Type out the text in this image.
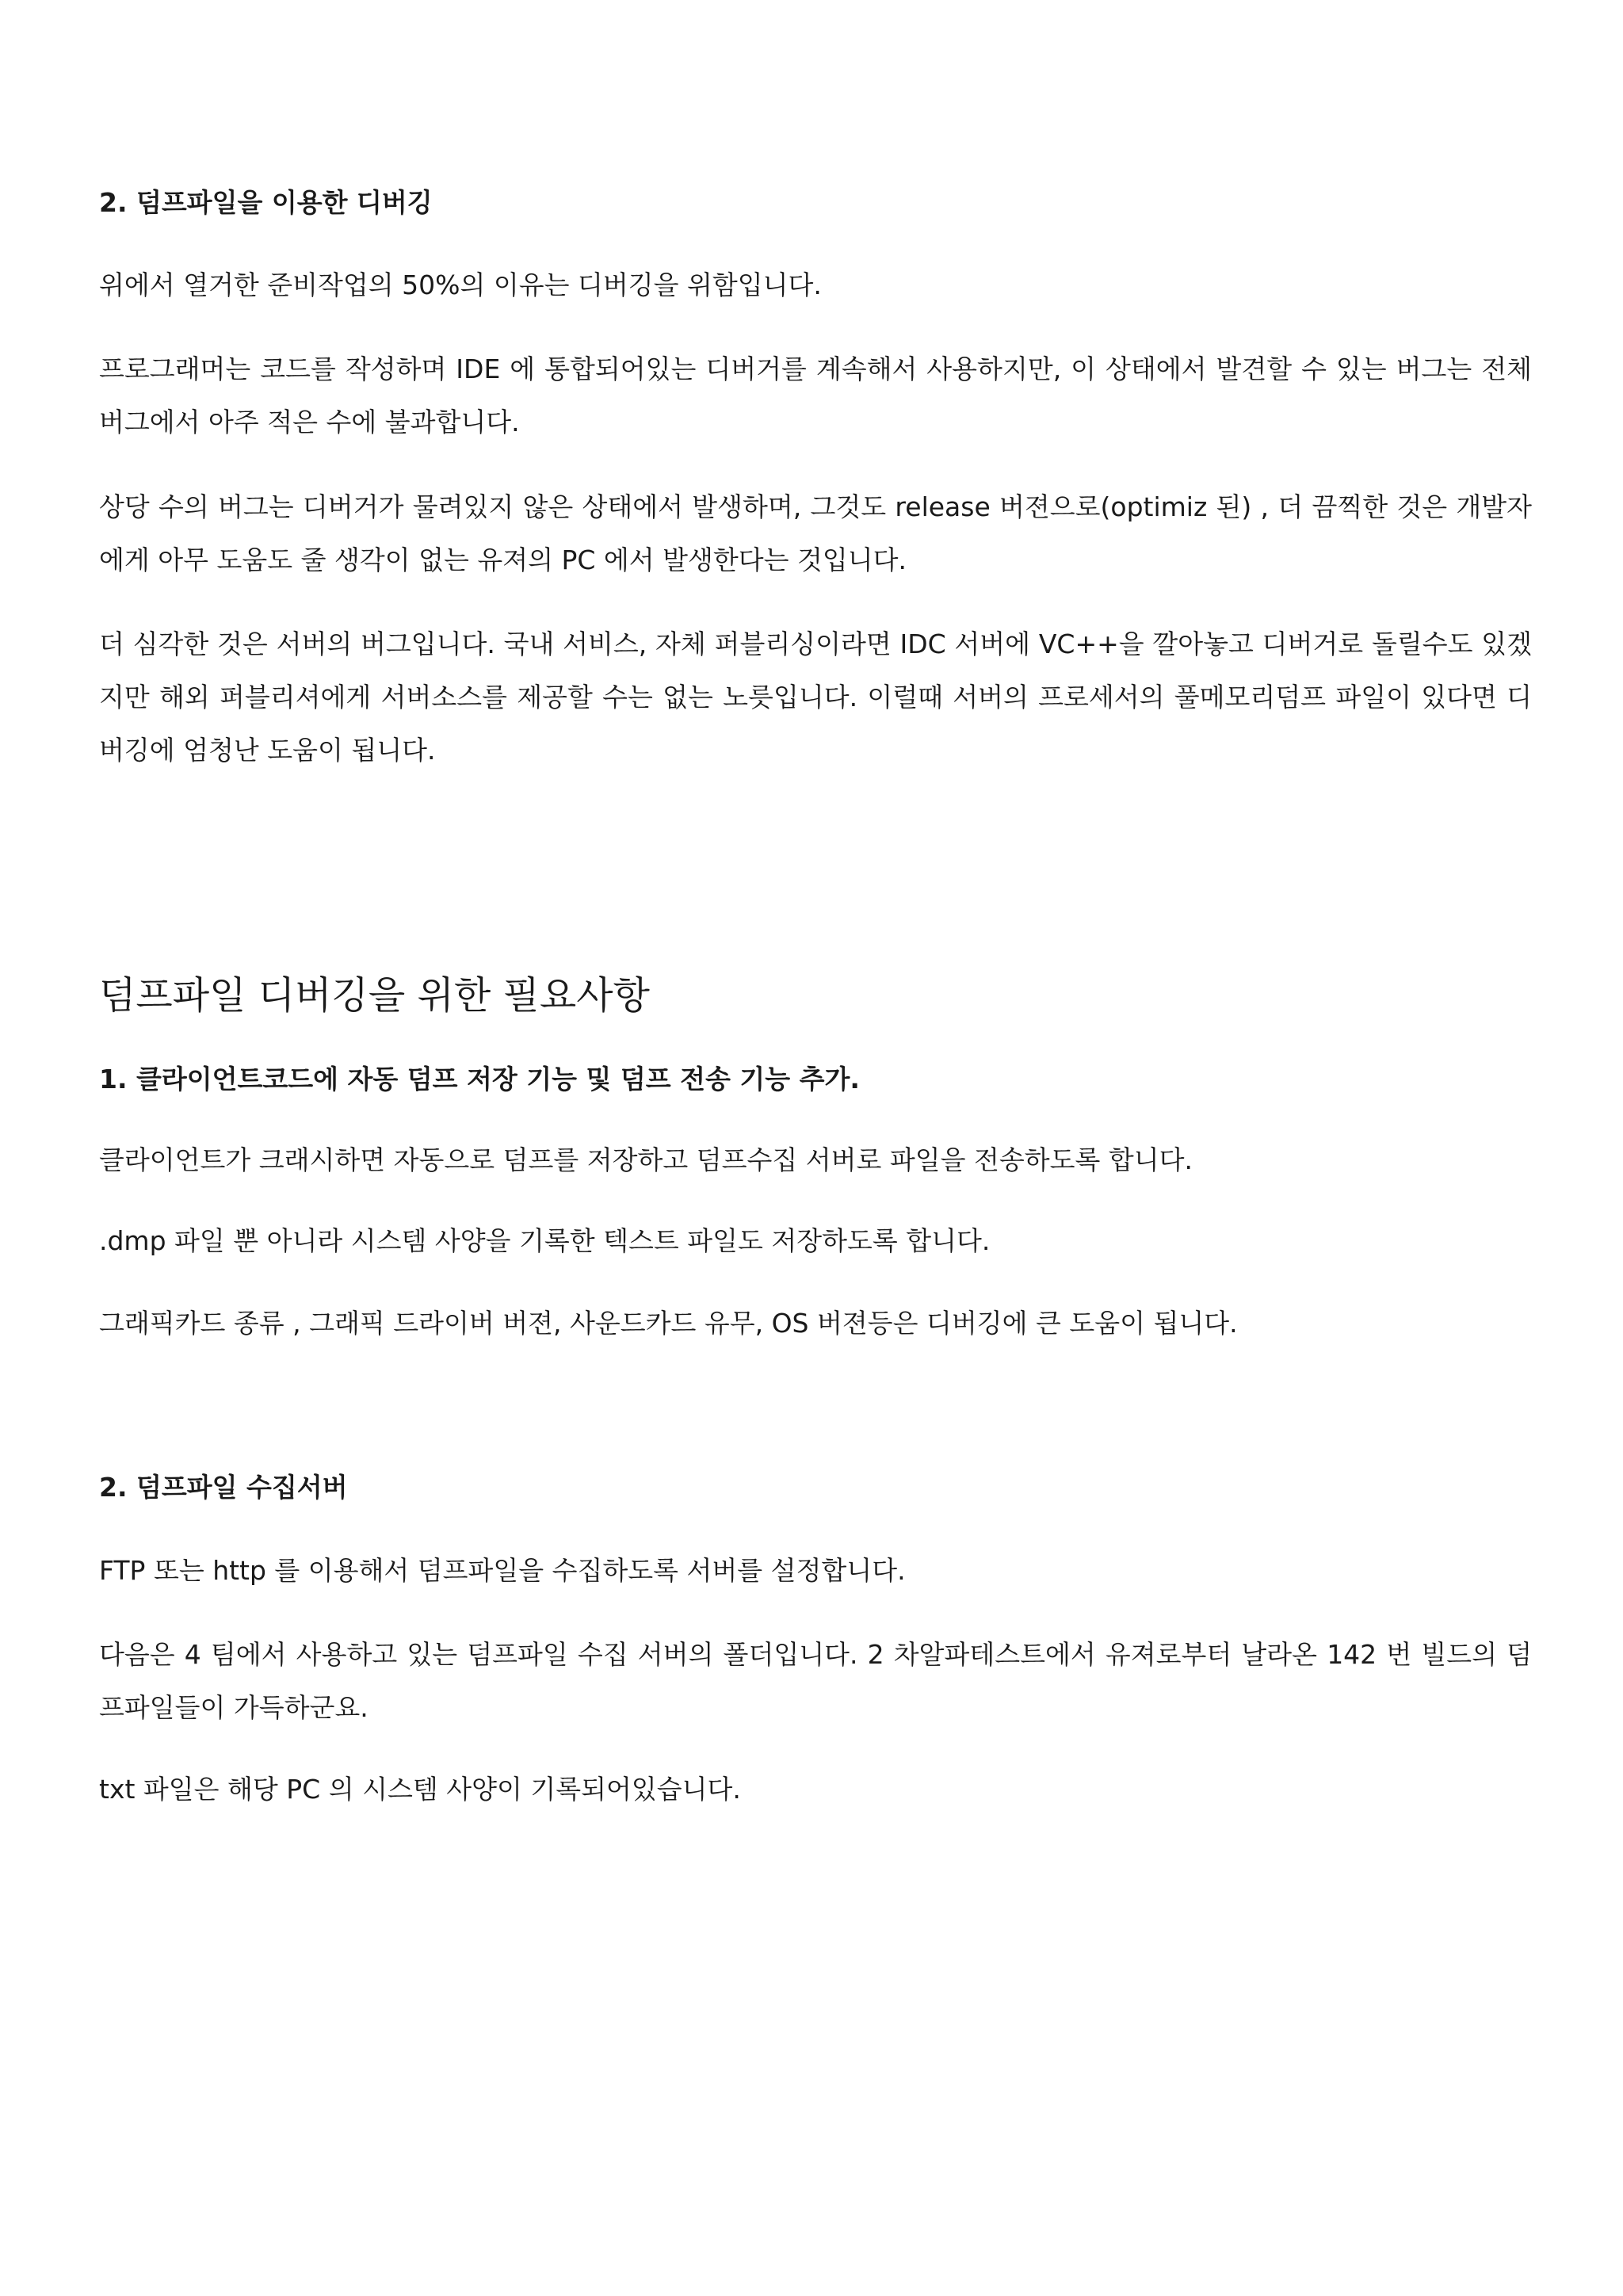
2. 덤프파일을 이용한 디버깅

위에서 열거한 준비작업의 50%의 이유는 디버깅을 위함입니다.

프로그래머는 코드를 작성하며 IDE 에 통합되어있는 디버거를 계속해서 사용하지만, 이 상태에서 발견할 수 있는 버그는 전체 버그에서 아주 적은 수에 불과합니다.

상당 수의 버그는 디버거가 물려있지 않은 상태에서 발생하며, 그것도 release 버젼으로(optimiz 된) , 더 끔찍한 것은 개발자에게 아무 도움도 줄 생각이 없는 유져의 PC 에서 발생한다는 것입니다.

더 심각한 것은 서버의 버그입니다. 국내 서비스, 자체 퍼블리싱이라면 IDC 서버에 VC++을 깔아놓고 디버거로 돌릴수도 있겠지만 해외 퍼블리셔에게 서버소스를 제공할 수는 없는 노릇입니다. 이럴때 서버의 프로세서의 풀메모리덤프 파일이 있다면 디버깅에 엄청난 도움이 됩니다.

덤프파일 디버깅을 위한 필요사항

1. 클라이언트코드에 자동 덤프 저장 기능 및 덤프 전송 기능 추가.

클라이언트가 크래시하면 자동으로 덤프를 저장하고 덤프수집 서버로 파일을 전송하도록 합니다.

.dmp 파일 뿐 아니라 시스템 사양을 기록한 텍스트 파일도 저장하도록 합니다.

그래픽카드 종류 , 그래픽 드라이버 버젼, 사운드카드 유무, OS 버젼등은 디버깅에 큰 도움이 됩니다.

2. 덤프파일 수집서버

FTP 또는 http 를 이용해서 덤프파일을 수집하도록 서버를 설정합니다.

다음은 4 팀에서 사용하고 있는 덤프파일 수집 서버의 폴더입니다. 2 차알파테스트에서 유져로부터 날라온 142 번 빌드의 덤프파일들이 가득하군요.

txt 파일은 해당 PC 의 시스템 사양이 기록되어있습니다.
